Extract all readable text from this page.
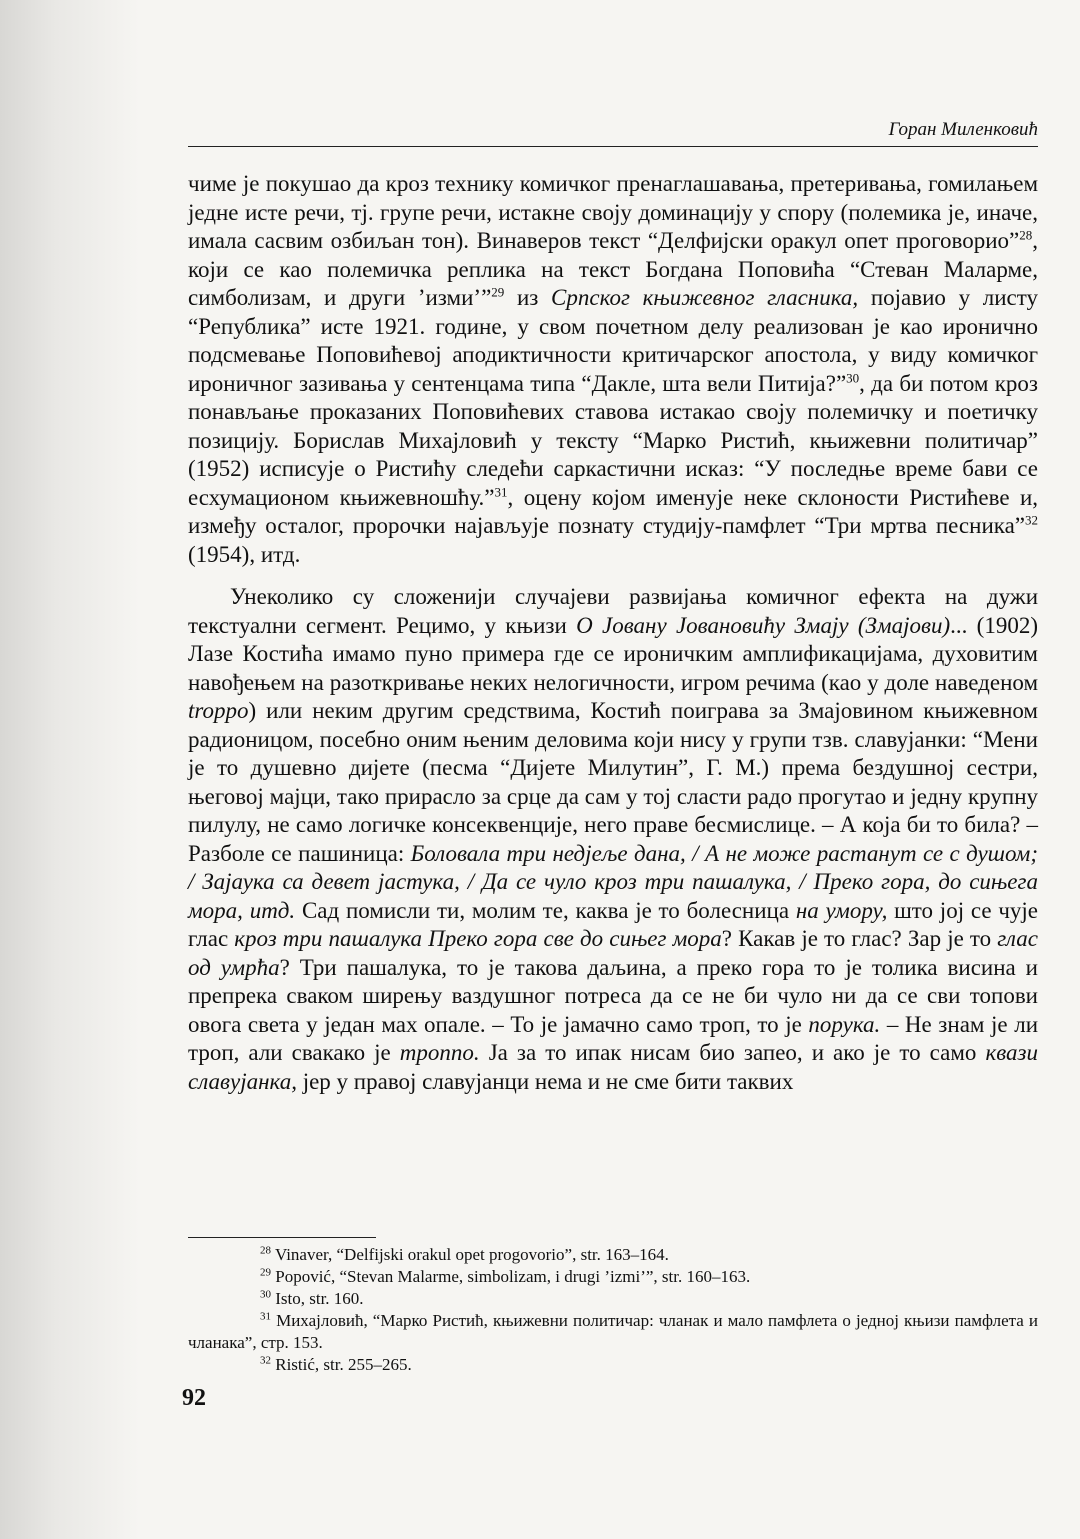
Горан Миленковић

чиме је покушао да кроз технику комичког пренаглашавања, претеривања, гомилањем једне исте речи, тј. групе речи, истакне своју доминацију у спору (полемика је, иначе, имала сасвим озбиљан тон). Винаверов текст “Делфијски оракул опет проговорио”$^{28}$, који се као полемичка реплика на текст Богдана Поповића “Стеван Маларме, симболизам, и други ’изми’”$^{29}$ из Српског књижевног гласника, појавио у листу “Република” исте 1921. године, у свом почетном делу реализован је као иронично подсмевање Поповићевој аподиктичности критичарског апостола, у виду комичког ироничног зазивања у сентенцама типа “Дакле, шта вели Питија?”$^{30}$, да би потом кроз понављање проказаних Поповићевих ставова истакао своју полемичку и поетичку позицију. Борислав Михајловић у тексту “Марко Ристић, књижевни политичар” (1952) исписује о Ристићу следећи саркастични исказ: “У последње време бави се есхумационом књижевношћу.”$^{31}$, оцену којом именује неке склоности Ристићеве и, између осталог, пророчки најављује познату студију-памфлет “Три мртва песника”$^{32}$ (1954), итд.

Унеколико су сложенији случајеви развијања комичног ефекта на дужи текстуални сегмент. Рецимо, у књизи О Јовану Јовановићу Змају (Змајови)... (1902) Лазе Костића имамо пуно примера где се ироничким амплификацијама, духовитим навођењем на разоткривање неких нелогичности, игром речима (као у доле наведеном troppo) или неким другим средствима, Костић поиграва за Змајовином књижевном радионицом, посебно оним њеним деловима који нису у групи тзв. славујанки: “Мени је то душевно дијете (песма “Дијете Милутин”, Г. М.) према бездушној сестри, његовој мајци, тако прирасло за срце да сам у тој сласти радо прогутао и једну крупну пилулу, не само логичке консеквенције, него праве бесмислице. – А која би то била? – Разболе се пашиница: Боловала три недјеље дана, / А не може растанут се с душом; / Зајаука са девет јастука, / Да се чуло кроз три пашалука, / Преко гора, до сињега мора, итд. Сад помисли ти, молим те, каква је то болесница на умору, што јој се чује глас кроз три пашалука Преко гора све до сињег мора? Какав је то глас? Зар је то глас од умрћа? Три пашалука, то је такова даљина, а преко гора то је толика висина и препрека сваком ширењу ваздушног потреса да се не би чуло ни да се сви топови овога света у један мах опале. – То је јамачно само троп, то је порука. – Не знам је ли троп, али свакако је троппо. Ја за то ипак нисам био запео, и ако је то само квази славујанка, јер у правој славујанци нема и не сме бити таквих

$^{28}$ Vinaver, “Delfijski orakul opet progovorio”, str. 163–164.

$^{29}$ Popović, “Stevan Malarme, simbolizam, i drugi ’izmi’”, str. 160–163.

$^{30}$ Isto, str. 160.

$^{31}$ Михајловић, “Марко Ристић, књижевни политичар: чланак и мало памфлета о једној књизи памфлета и чланака”, стр. 153.

$^{32}$ Ristić, str. 255–265.

92
